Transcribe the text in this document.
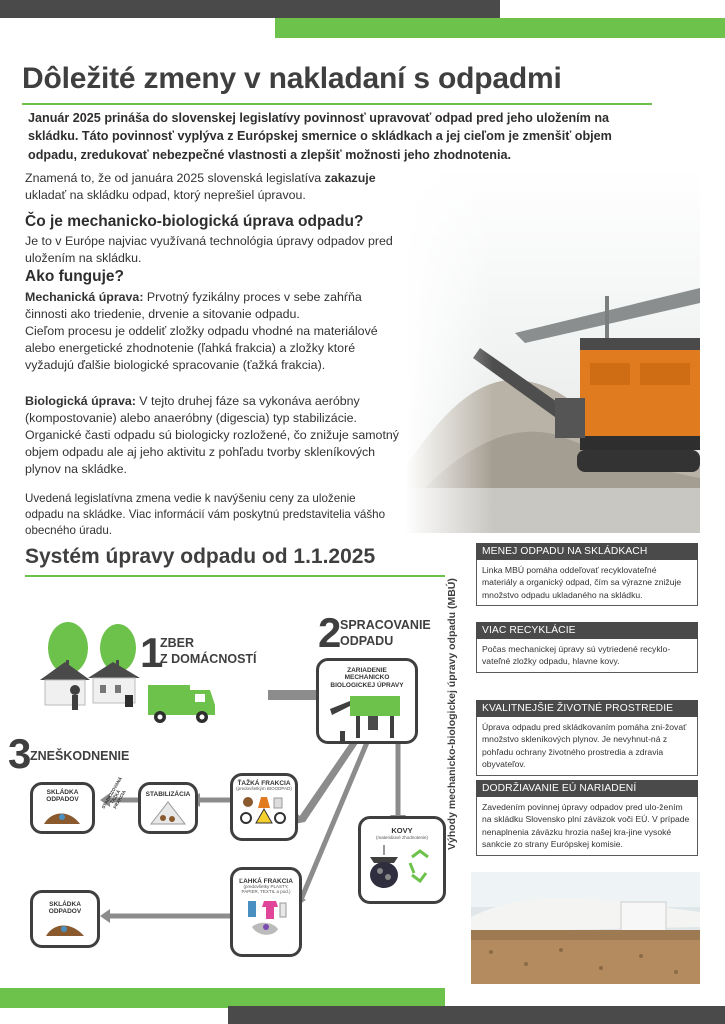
Dôležité zmeny v nakladaní s odpadmi
Január 2025 prináša do slovenskej legislatívy povinnosť upravovať odpad pred jeho uložením na skládku. Táto povinnosť vyplýva z Európskej smernice o skládkach a jej cieľom je zmenšiť objem odpadu, zredukovať nebezpečné vlastnosti a zlepšiť možnosti jeho zhodnotenia.
Znamená to, že od januára 2025 slovenská legislatíva zakazuje ukladať na skládku odpad, ktorý neprešiel úpravou.
Čo je mechanicko-biologická úprava odpadu?
Je to v Európe najviac využívaná technológia úpravy odpadov pred uložením na skládku.
Ako funguje?
Mechanická úprava: Prvotný fyzikálny proces v sebe zahŕňa činnosti ako triedenie, drvenie a sitovanie odpadu.
Cieľom procesu je oddeliť zložky odpadu vhodné na materiálové alebo energetické zhodnotenie (ľahká frakcia) a zložky ktoré vyžadujú ďalšie biologické spracovanie (ťažká frakcia).
Biologická úprava: V tejto druhej fáze sa vykonáva aeróbny (kompostovanie) alebo anaeróbny (digescia) typ stabilizácie. Organické časti odpadu sú biologicky rozložené, čo znižuje samotný objem odpadu ale aj jeho aktivitu z pohľadu tvorby skleníkových plynov na skládke.
Uvedená legislatívna zmena vedie k navýšeniu ceny za uloženie odpadu na skládke. Viac informácií vám poskytnú predstavitelia vášho obecného úradu.
Systém úpravy odpadu od 1.1.2025
Výhody mechanicko-biologickej úpravy odpadu (MBÚ)
MENEJ ODPADU NA SKLÁDKACH
Linka MBÚ pomáha oddeľovať recyklovateľné materiály a organický odpad, čím sa výrazne znižuje množstvo odpadu ukladaného na skládku.
VIAC RECYKLÁCIE
Počas mechanickej úpravy sú vytriedené recyklo-vateľné zložky odpadu, hlavne kovy.
KVALITNEJŠIE ŽIVOTNÉ PROSTREDIE
Úprava odpadu pred skládkovaním pomáha zni-žovať množstvo skleníkových plynov. Je nevyhnut-ná z pohľadu ochrany životného prostredia a zdravia obyvateľov.
DODRŽIAVANIE EÚ NARIADENÍ
Zavedením povinnej úpravy odpadov pred ulo-žením na skládku Slovensko plní záväzok voči EÚ. V prípade nenaplnenia záväzku hrozia našej kra-jine vysoké sankcie zo strany Európskej komisie.
1
ZBER
Z DOMÁCNOSTÍ
2
SPRACOVANIE
ODPADU
ZARIADENIE MECHANICKO BIOLOGICKEJ ÚPRAVY
3
ZNEŠKODNENIE
SKLÁDKA ODPADOV	STABILIZOVANÁ ŤAŽKÁ FRAKCIA	STABILIZÁCIA
ŤAŽKÁ FRAKCIA
(predovšetkým BIOODPAD)
KOVY
(materiálové zhodnotenie)
ĽAHKÁ FRAKCIA
(predovšetky PLASTY, PAPIER, TEXTIL a pod.)
SKLÁDKA ODPADOV
